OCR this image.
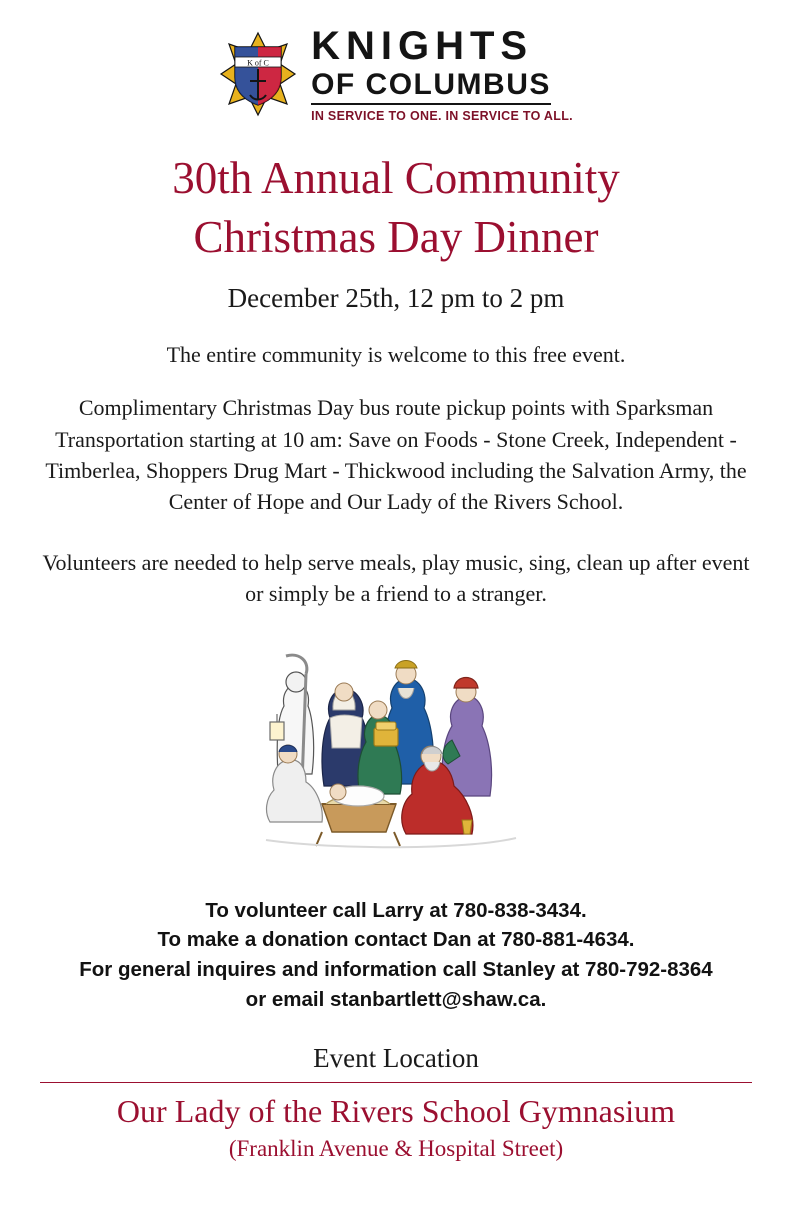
K of C KNIGHTS
OF COLUMBUS
IN SERVICE TO ONE. IN SERVICE TO ALL.
30th Annual Community
Christmas Day Dinner
December 25th, 12 pm to 2 pm
The entire community is welcome to this free event.
Complimentary Christmas Day bus route pickup points with Sparksman Transportation starting at 10 am: Save on Foods - Stone Creek, Independent - Timberlea, Shoppers Drug Mart - Thickwood including the Salvation Army, the Center of Hope and Our Lady of the Rivers School.
Volunteers are needed to help serve meals, play music, sing, clean up after event or simply be a friend to a stranger.
To volunteer call Larry at 780-838-3434.
To make a donation contact Dan at 780-881-4634.
For general inquires and information call Stanley at 780-792-8364
or email stanbartlett@shaw.ca.
Event Location
Our Lady of the Rivers School Gymnasium
(Franklin Avenue & Hospital Street)
